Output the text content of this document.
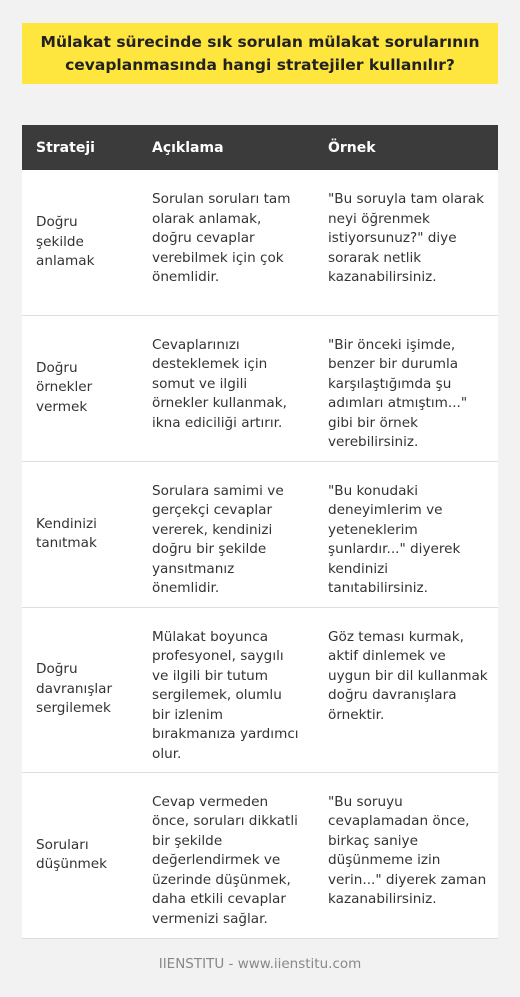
Mülakat sürecinde sık sorulan mülakat sorularının cevaplanmasında hangi stratejiler kullanılır?
Strateji	Açıklama	Örnek
Doğru şekilde anlamak	Sorulan soruları tam olarak anlamak, doğru cevaplar verebilmek için çok önemlidir.	"Bu soruyla tam olarak neyi öğrenmek istiyorsunuz?" diye sorarak netlik kazanabilirsiniz.
Doğru örnekler vermek	Cevaplarınızı desteklemek için somut ve ilgili örnekler kullanmak, ikna ediciliği artırır.	"Bir önceki işimde, benzer bir durumla karşılaştığımda şu adımları atmıştım..." gibi bir örnek verebilirsiniz.
Kendinizi tanıtmak	Sorulara samimi ve gerçekçi cevaplar vererek, kendinizi doğru bir şekilde yansıtmanız önemlidir.	"Bu konudaki deneyimlerim ve yeteneklerim şunlardır..." diyerek kendinizi tanıtabilirsiniz.
Doğru davranışlar sergilemek	Mülakat boyunca profesyonel, saygılı ve ilgili bir tutum sergilemek, olumlu bir izlenim bırakmanıza yardımcı olur.	Göz teması kurmak, aktif dinlemek ve uygun bir dil kullanmak doğru davranışlara örnektir.
Soruları düşünmek	Cevap vermeden önce, soruları dikkatli bir şekilde değerlendirmek ve üzerinde düşünmek, daha etkili cevaplar vermenizi sağlar.	"Bu soruyu cevaplamadan önce, birkaç saniye düşünmeme izin verin..." diyerek zaman kazanabilirsiniz.
IIENSTITU - www.iienstitu.com
